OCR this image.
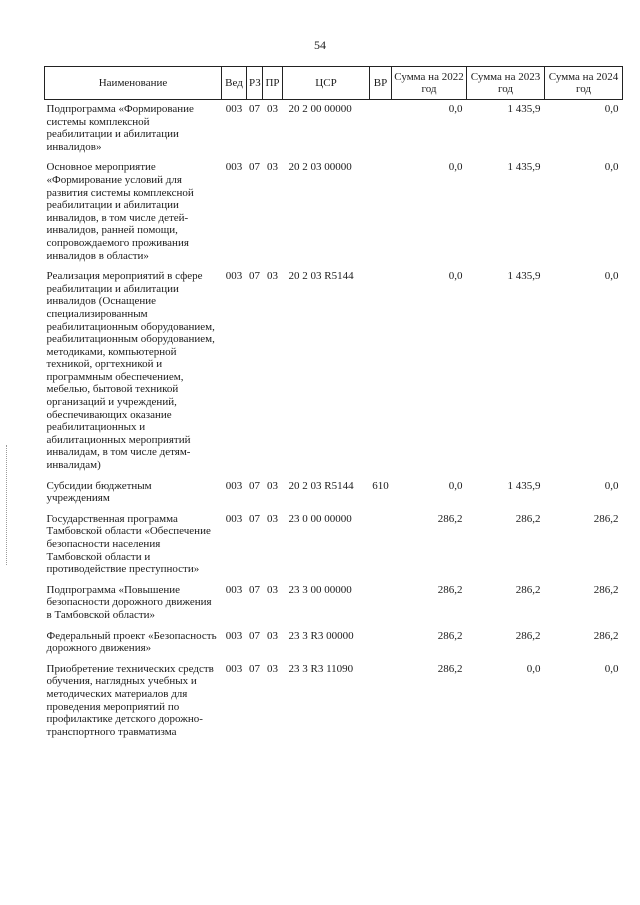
54
Наименование	Вед	РЗ	ПР	ЦСР	ВР	Сумма на 2022 год	Сумма на 2023 год	Сумма на 2024 год
Подпрограмма «Формирование системы комплексной реабилитации и абилитации инвалидов»	003	07	03	20 2 00 00000		0,0	1 435,9	0,0
Основное мероприятие «Формирование условий для развития системы комплексной реабилитации и абилитации инвалидов, в том числе детей-инвалидов, ранней помощи, сопровождаемого проживания инвалидов в области»	003	07	03	20 2 03 00000		0,0	1 435,9	0,0
Реализация мероприятий в сфере реабилитации и абилитации инвалидов (Оснащение специализированным реабилитационным оборудованием, реабилитационным оборудованием, методиками, компьютерной техникой, оргтехникой и программным обеспечением, мебелью, бытовой техникой организаций и учреждений, обеспечивающих оказание реабилитационных и абилитационных мероприятий инвалидам, в том числе детям-инвалидам)	003	07	03	20 2 03 R5144		0,0	1 435,9	0,0
Субсидии бюджетным учреждениям	003	07	03	20 2 03 R5144	610	0,0	1 435,9	0,0
Государственная программа Тамбовской области «Обеспечение безопасности населения Тамбовской области и противодействие преступности»	003	07	03	23 0 00 00000		286,2	286,2	286,2
Подпрограмма «Повышение безопасности дорожного движения в Тамбовской области»	003	07	03	23 3 00 00000		286,2	286,2	286,2
Федеральный проект «Безопасность дорожного движения»	003	07	03	23 3 R3 00000		286,2	286,2	286,2
Приобретение технических средств обучения, наглядных учебных и методических материалов для проведения мероприятий по профилактике детского дорожно-транспортного травматизма	003	07	03	23 3 R3 11090		286,2	0,0	0,0
